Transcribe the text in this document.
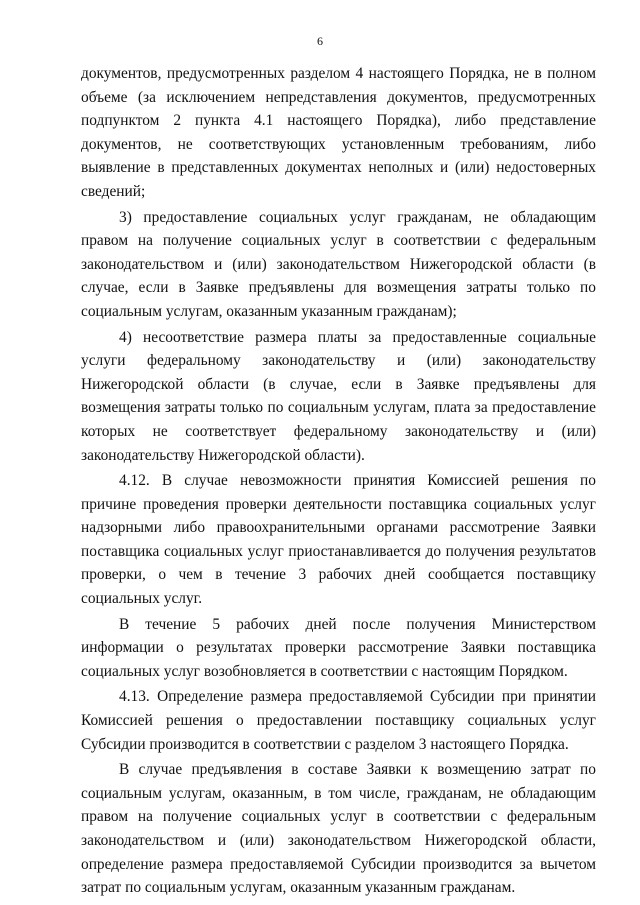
6

документов, предусмотренных разделом 4 настоящего Порядка, не в полном объеме (за исключением непредставления документов, предусмотренных подпунктом 2 пункта 4.1 настоящего Порядка), либо представление документов, не соответствующих установленным требованиям, либо выявление в представленных документах неполных и (или) недостоверных сведений;

3) предоставление социальных услуг гражданам, не обладающим правом на получение социальных услуг в соответствии с федеральным законодательством и (или) законодательством Нижегородской области (в случае, если в Заявке предъявлены для возмещения затраты только по социальным услугам, оказанным указанным гражданам);

4) несоответствие размера платы за предоставленные социальные услуги федеральному законодательству и (или) законодательству Нижегородской области (в случае, если в Заявке предъявлены для возмещения затраты только по социальным услугам, плата за предоставление которых не соответствует федеральному законодательству и (или) законодательству Нижегородской области).

4.12. В случае невозможности принятия Комиссией решения по причине проведения проверки деятельности поставщика социальных услуг надзорными либо правоохранительными органами рассмотрение Заявки поставщика социальных услуг приостанавливается до получения результатов проверки, о чем в течение 3 рабочих дней сообщается поставщику социальных услуг.

В течение 5 рабочих дней после получения Министерством информации о результатах проверки рассмотрение Заявки поставщика социальных услуг возобновляется в соответствии с настоящим Порядком.

4.13. Определение размера предоставляемой Субсидии при принятии Комиссией решения о предоставлении поставщику социальных услуг Субсидии производится в соответствии с разделом 3 настоящего Порядка.

В случае предъявления в составе Заявки к возмещению затрат по социальным услугам, оказанным, в том числе, гражданам, не обладающим правом на получение социальных услуг в соответствии с федеральным законодательством и (или) законодательством Нижегородской области, определение размера предоставляемой Субсидии производится за вычетом затрат по социальным услугам, оказанным указанным гражданам.
